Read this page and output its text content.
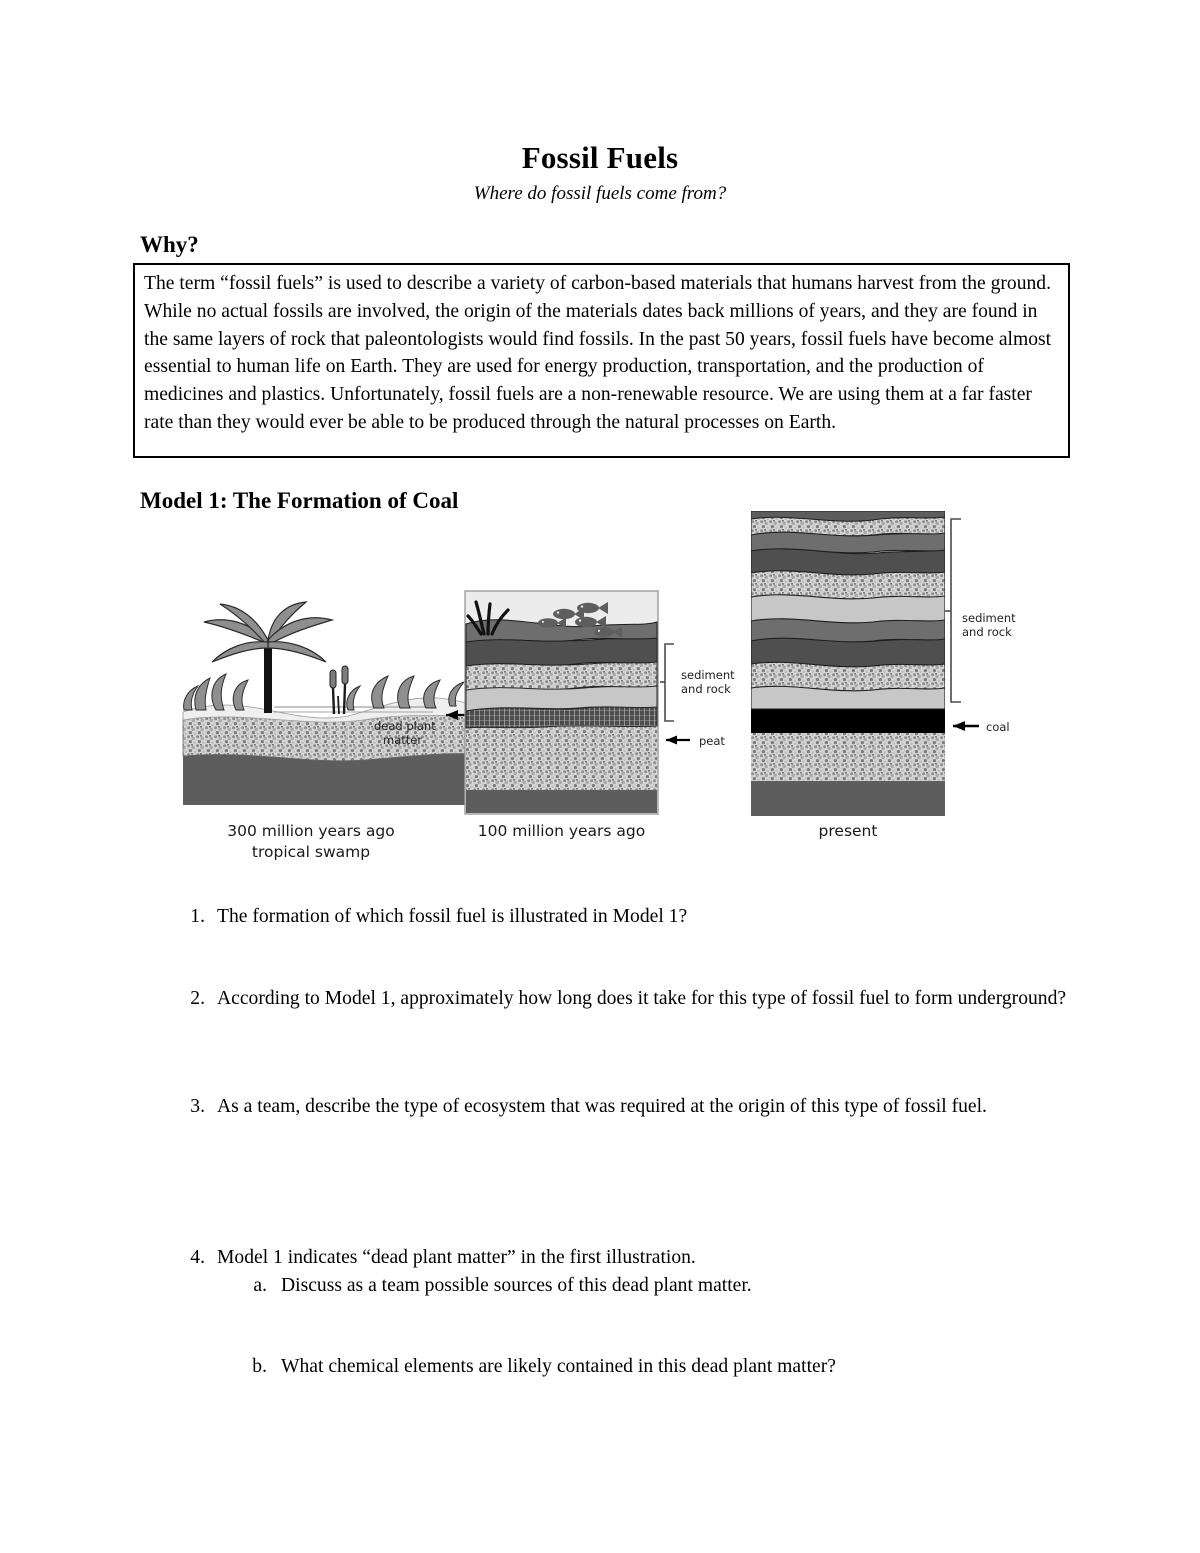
Fossil Fuels
Where do fossil fuels come from?
Why?

The term “fossil fuels” is used to describe a variety of carbon-based materials that humans harvest from the ground. While no actual fossils are involved, the origin of the materials dates back millions of years, and they are found in the same layers of rock that paleontologists would find fossils. In the past 50 years, fossil fuels have become almost essential to human life on Earth. They are used for energy production, transportation, and the production of medicines and plastics. Unfortunately, fossil fuels are a non-renewable resource. We are using them at a far faster rate than they would ever be able to be produced through the natural processes on Earth.

Model 1: The Formation of Coal
dead plant
matter
300 million years ago
tropical swamp
sediment
and rock
peat
100 million years ago
sediment
and rock
coal
present
1. The formation of which fossil fuel is illustrated in Model 1?
2. According to Model 1, approximately how long does it take for this type of fossil fuel to form underground?
3. As a team, describe the type of ecosystem that was required at the origin of this type of fossil fuel.
4. Model 1 indicates “dead plant matter” in the first illustration.
a. Discuss as a team possible sources of this dead plant matter.
b. What chemical elements are likely contained in this dead plant matter?
